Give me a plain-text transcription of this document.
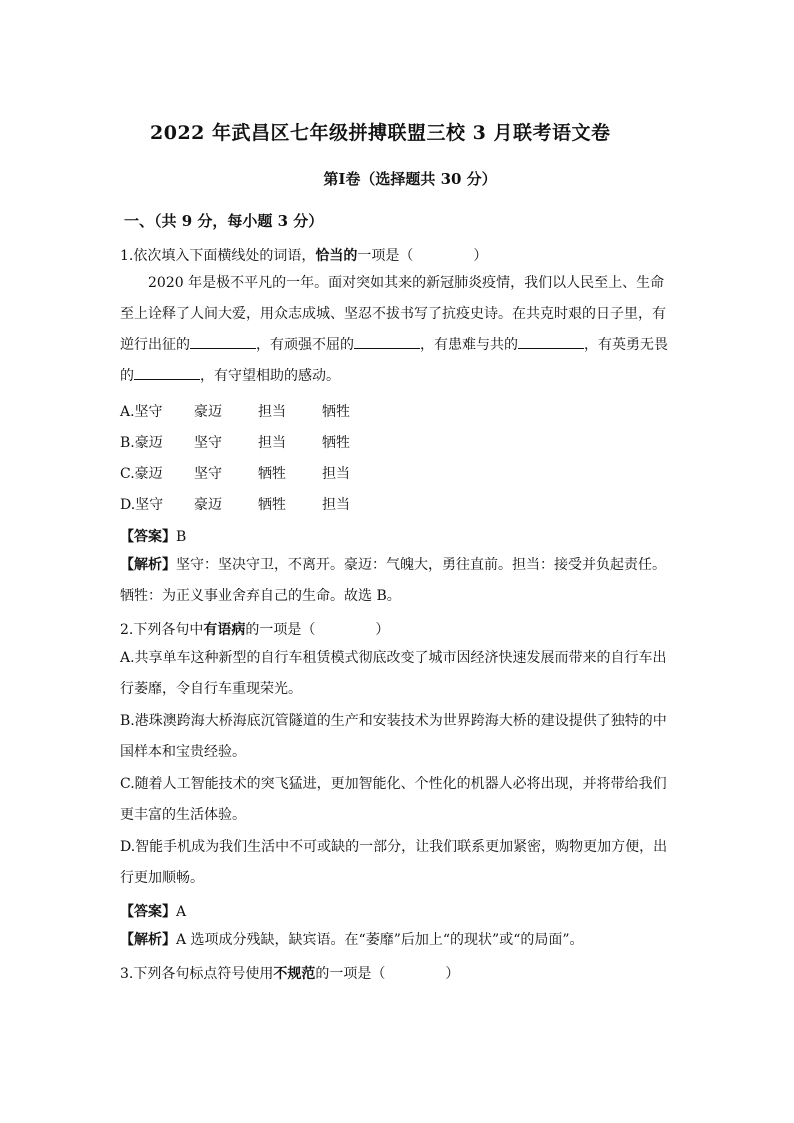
2022 年武昌区七年级拼搏联盟三校 3 月联考语文卷
第Ⅰ卷（选择题共 30 分）
一、（共 9 分，每小题 3 分）
1.依次填入下面横线处的词语，恰当的一项是（	）
2020 年是极不平凡的一年。面对突如其来的新冠肺炎疫情，我们以人民至上、生命至上诠释了人间大爱，用众志成城、坚忍不拔书写了抗疫史诗。在共克时艰的日子里，有逆行出征的	，有顽强不屈的	，有患难与共的	，有英勇无畏的	，有守望相助的感动。
A.坚守 豪迈	担当	牺牲
B.豪迈 坚守	担当	牺牲
C.豪迈 坚守	牺牲	担当
D.坚守 豪迈	牺牲	担当
【答案】B
【解析】坚守：坚决守卫，不离开。豪迈：气魄大，勇往直前。担当：接受并负起责任。牺牲：为正义事业舍弃自己的生命。故选 B。
2.下列各句中有语病的一项是（	）
A.共享单车这种新型的自行车租赁模式彻底改变了城市因经济快速发展而带来的自行车出行萎靡，令自行车重现荣光。
B.港珠澳跨海大桥海底沉管隧道的生产和安装技术为世界跨海大桥的建设提供了独特的中国样本和宝贵经验。
C.随着人工智能技术的突飞猛进，更加智能化、个性化的机器人必将出现，并将带给我们更丰富的生活体验。
D.智能手机成为我们生活中不可或缺的一部分，让我们联系更加紧密，购物更加方便，出行更加顺畅。
【答案】A
【解析】A 选项成分残缺，缺宾语。在“萎靡”后加上“的现状”或“的局面”。
3.下列各句标点符号使用不规范的一项是（	）
